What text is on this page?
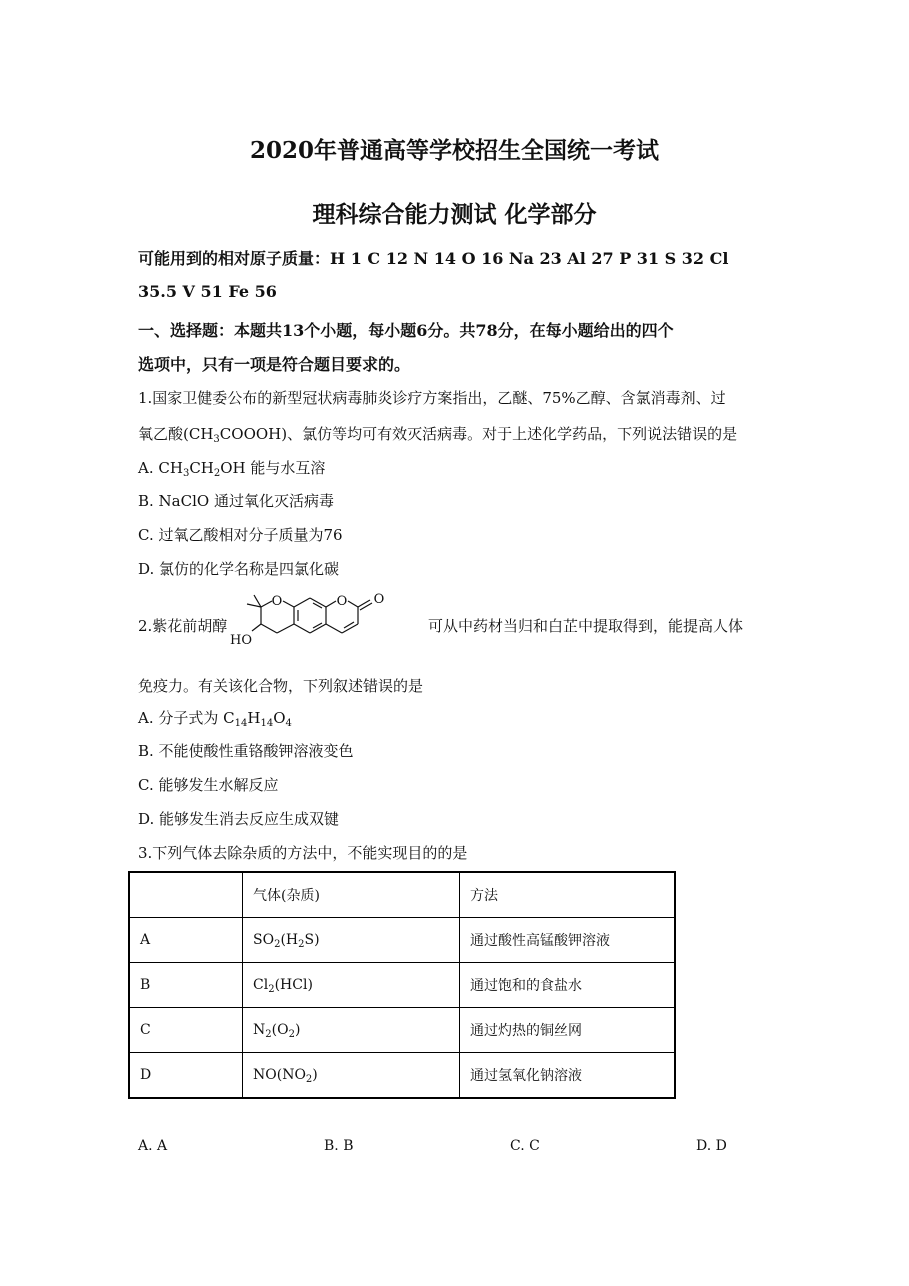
2020年普通高等学校招生全国统一考试
理科综合能力测试 化学部分
可能用到的相对原子质量：H 1 C 12 N 14 O 16 Na 23 Al 27 P 31 S 32 Cl
35.5 V 51 Fe 56
一、选择题：本题共13个小题，每小题6分。共78分，在每小题给出的四个
选项中，只有一项是符合题目要求的。
1.国家卫健委公布的新型冠状病毒肺炎诊疗方案指出，乙醚、75%乙醇、含氯消毒剂、过
氧乙酸$(CH_3COOOH)$、氯仿等均可有效灭活病毒。对于上述化学药品，下列说法错误的是
A. $CH_3CH_2OH$ 能与水互溶
B. NaClO 通过氧化灭活病毒
C. 过氧乙酸相对分子质量为76
D. 氯仿的化学名称是四氯化碳
2.紫花前胡醇
O	O O
HO
可从中药材当归和白芷中提取得到，能提高人体
免疫力。有关该化合物，下列叙述错误的是
A. 分子式为 $C_{14}H_{14}O_4$
B. 不能使酸性重铬酸钾溶液变色
C. 能够发生水解反应
D. 能够发生消去反应生成双键
3.下列气体去除杂质的方法中，不能实现目的的是
	气体(杂质)	方法
A	$SO_2(H_2S)$	通过酸性高锰酸钾溶液
B	$Cl_2(HCl)$	通过饱和的食盐水
C	$N_2(O_2)$	通过灼热的铜丝网
D	$NO(NO_2)$	通过氢氧化钠溶液
A. A	B. B	C. C	D. D
